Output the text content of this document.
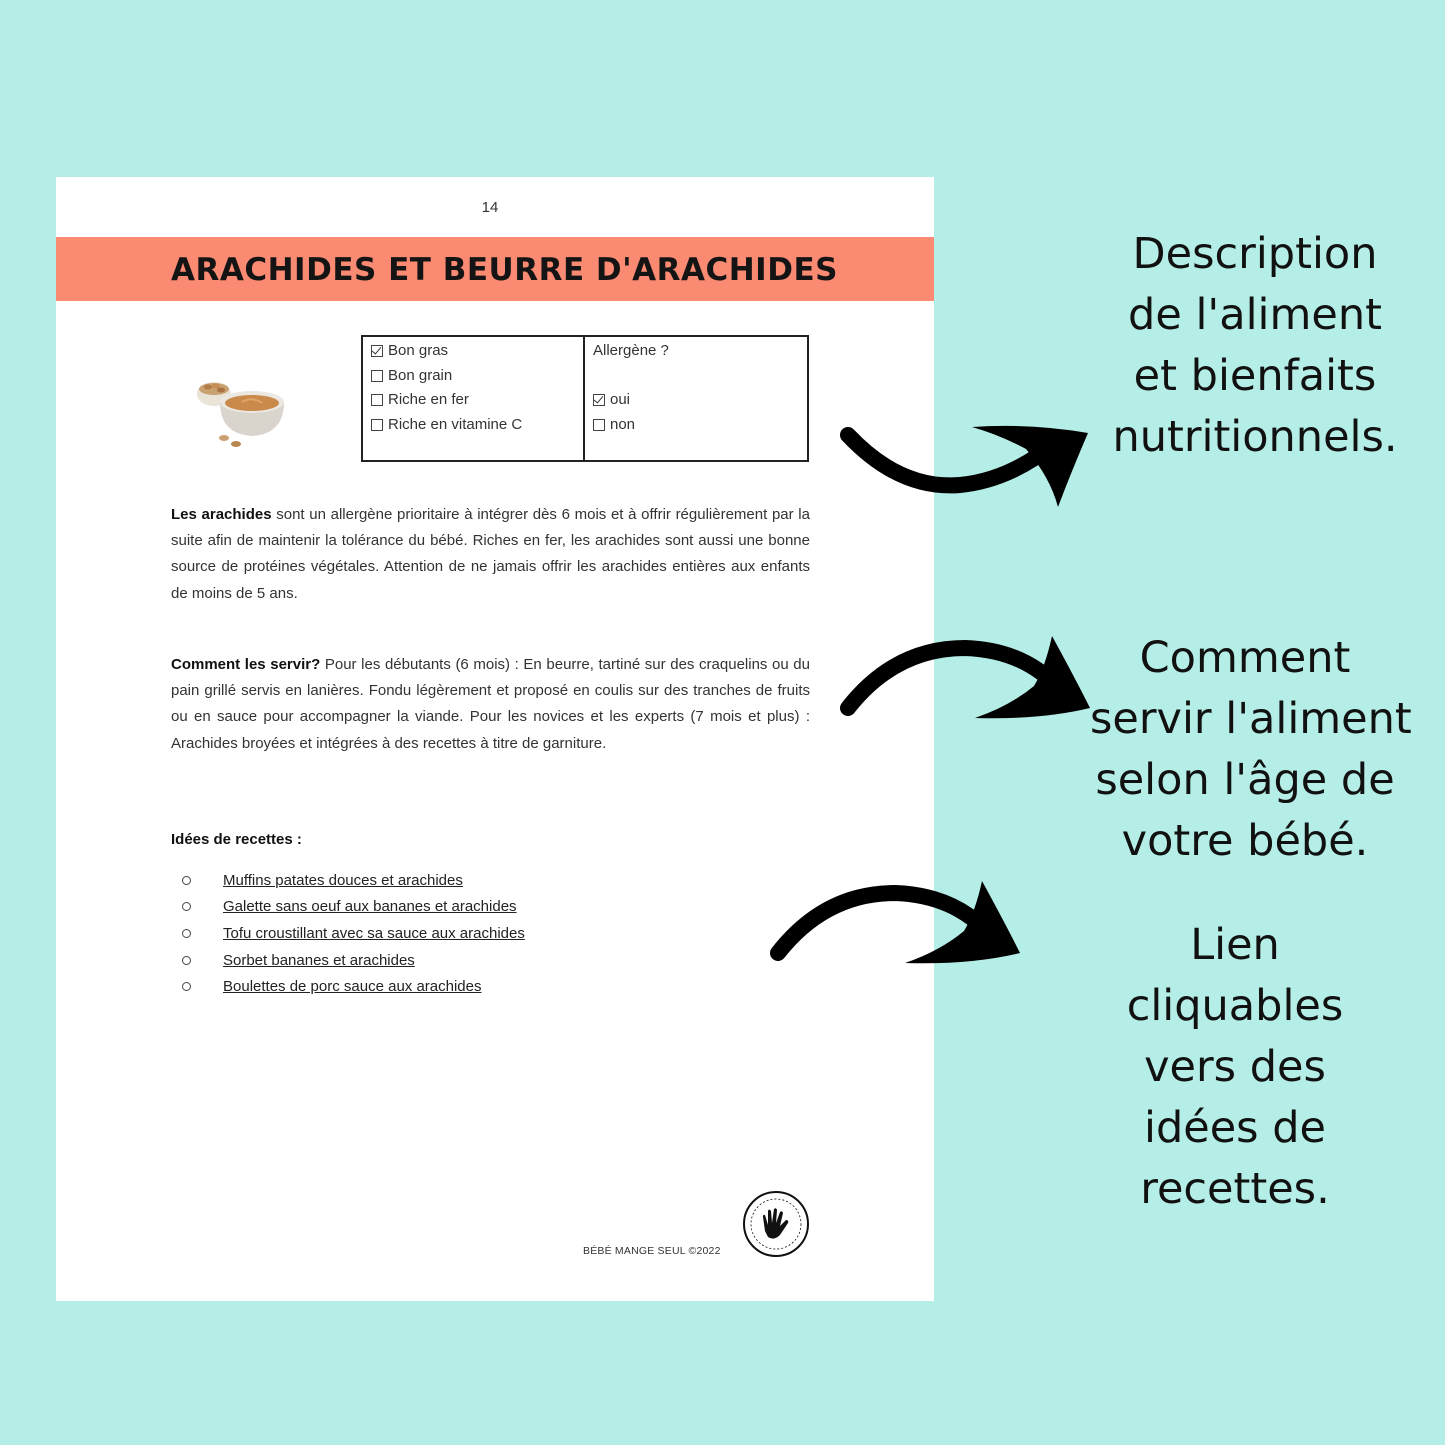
14
ARACHIDES ET BEURRE D'ARACHIDES
Bon gras
Bon grain
Riche en fer
Riche en vitamine C
Allergène ?
oui
non
Les arachides sont un allergène prioritaire à intégrer dès 6 mois et à offrir régulièrement par la suite afin de maintenir la tolérance du bébé. Riches en fer, les arachides sont aussi une bonne source de protéines végétales. Attention de ne jamais offrir les arachides entières aux enfants de moins de 5 ans.
Comment les servir? Pour les débutants (6 mois) : En beurre, tartiné sur des craquelins ou du pain grillé servis en lanières. Fondu légèrement et proposé en coulis sur des tranches de fruits ou en sauce pour accompagner la viande. Pour les novices et les experts (7 mois et plus) : Arachides broyées et intégrées à des recettes à titre de garniture.
Idées de recettes :
Muffins patates douces et arachides
Galette sans oeuf aux bananes et arachides
Tofu croustillant avec sa sauce aux arachides
Sorbet bananes et arachides
Boulettes de porc sauce aux arachides
BÉBÉ MANGE SEUL ©2022
Description
de l'aliment
et bienfaits
nutritionnels.
Comment
servir l'aliment
selon l'âge de
votre bébé.
Lien
cliquables
vers des
idées de
recettes.
